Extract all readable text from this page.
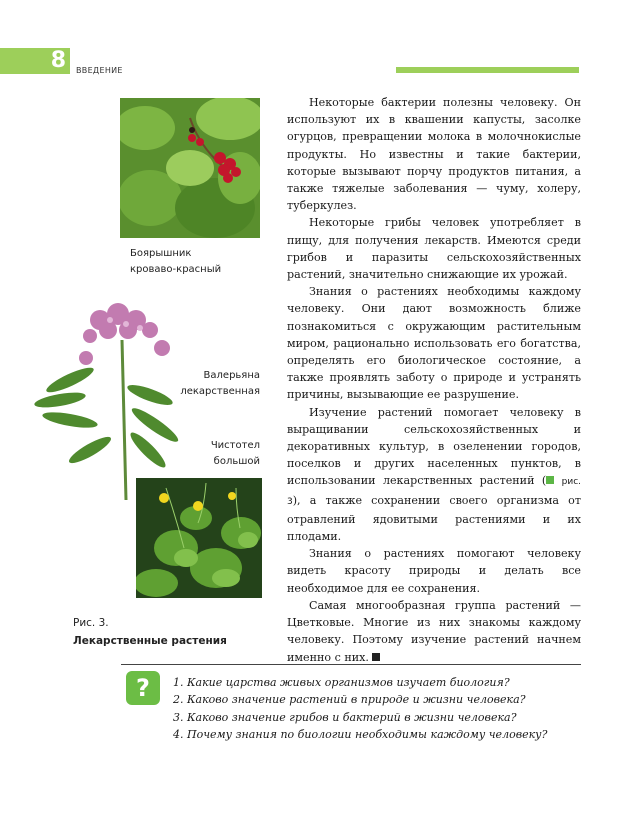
8	ВВЕДЕНИЕ
Боярышник
кроваво-красный
Валерьяна
лекарственная
Чистотел
большой
Рис. 3.
Лекарственные растения

Некоторые бактерии полезны человеку. Он используют их в квашении капусты, засолке огурцов, превращении молока в молочнокислые продукты. Но известны и такие бактерии, которые вызывают порчу продуктов питания, а также тяжелые заболевания — чуму, холеру, туберкулез.

Некоторые грибы человек употребляет в пищу, для получения лекарств. Имеются среди грибов и паразиты сельскохозяйственных растений, значительно снижающие их урожай.

Знания о растениях необходимы каждому человеку. Они дают возможность ближе познакомиться с окружающим растительным миром, рационально использовать его богатства, определять его биологическое состояние, а также проявлять заботу о природе и устранять причины, вызывающие ее разрушение.

Изучение растений помогает человеку в выращивании сельскохозяйственных и декоративных культур, в озеленении городов, поселков и других населенных пунктов, в использовании лекарственных растений ( рис. 3), а также сохранении своего организма от отравлений ядовитыми растениями и их плодами.

Знания о растениях помогают человеку видеть красоту природы и делать все необходимое для ее сохранения.

Самая многообразная группа растений — Цветковые. Многие из них знакомы каждому человеку. Поэтому изучение растений начнем именно с них.

?	1. Какие царства живых организмов изучает биология?
2. Каково значение растений в природе и жизни человека?
3. Каково значение грибов и бактерий в жизни человека?
4. Почему знания по биологии необходимы каждому человеку?
